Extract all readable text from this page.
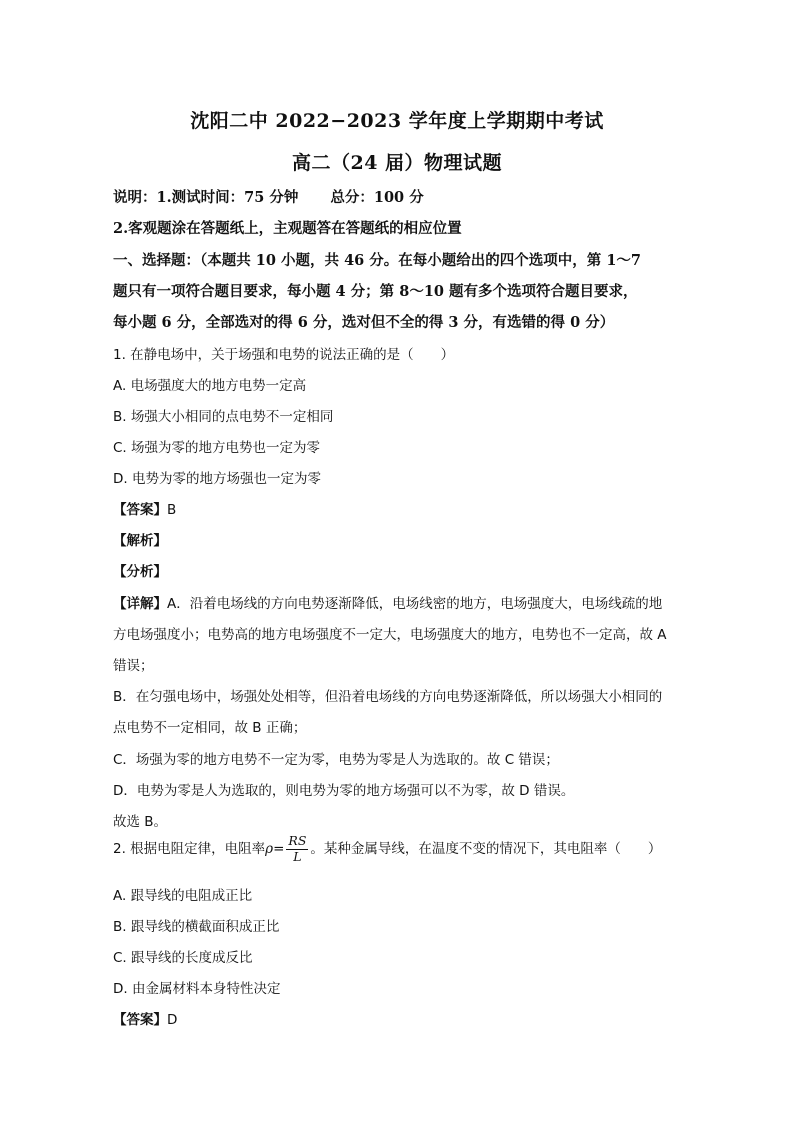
沈阳二中 2022−2023 学年度上学期期中考试
高二（24 届）物理试题
说明：1.测试时间：75 分钟 总分：100 分
2.客观题涂在答题纸上，主观题答在答题纸的相应位置
一、选择题：（本题共 10 小题，共 46 分。在每小题给出的四个选项中，第 1～7
题只有一项符合题目要求，每小题 4 分；第 8～10 题有多个选项符合题目要求，
每小题 6 分，全部选对的得 6 分，选对但不全的得 3 分，有选错的得 0 分）
1. 在静电场中，关于场强和电势的说法正确的是（　　）
A. 电场强度大的地方电势一定高
B. 场强大小相同的点电势不一定相同
C. 场强为零的地方电势也一定为零
D. 电势为零的地方场强也一定为零
【答案】B
【解析】
【分析】
【详解】A．沿着电场线的方向电势逐渐降低，电场线密的地方，电场强度大，电场线疏的地
方电场强度小；电势高的地方电场强度不一定大，电场强度大的地方，电势也不一定高，故 A
错误；
B．在匀强电场中，场强处处相等，但沿着电场线的方向电势逐渐降低，所以场强大小相同的
点电势不一定相同，故 B 正确；
C．场强为零的地方电势不一定为零，电势为零是人为选取的。故 C 错误；
D．电势为零是人为选取的，则电势为零的地方场强可以不为零，故 D 错误。
故选 B。
2. 根据电阻定律，电阻率$\rho= \frac{RS}{L}$ 。某种金属导线，在温度不变的情况下，其电阻率（　　）
A. 跟导线的电阻成正比
B. 跟导线的横截面积成正比
C. 跟导线的长度成反比
D. 由金属材料本身特性决定
【答案】D
